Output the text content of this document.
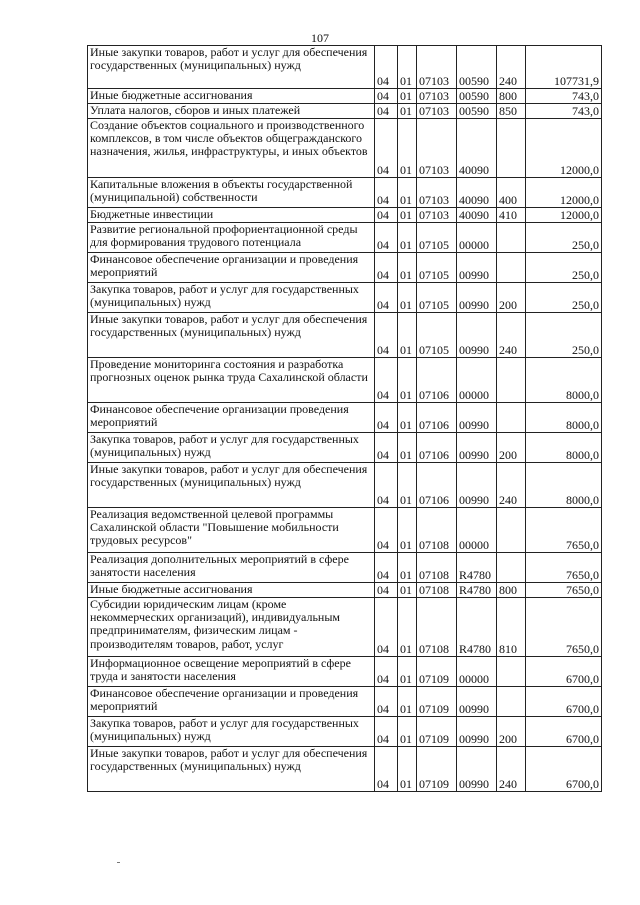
107
Иные закупки товаров, работ и услуг для обеспечения государственных (муниципальных) нужд	04	01	07103	00590	240	107731,9
Иные бюджетные ассигнования	04	01	07103	00590	800	743,0
Уплата налогов, сборов и иных платежей	04	01	07103	00590	850	743,0
Создание объектов социального и производственного комплексов, в том числе объектов общегражданского назначения, жилья, инфраструктуры, и иных объектов	04	01	07103	40090		12000,0
Капитальные вложения в объекты государственной (муниципальной) собственности	04	01	07103	40090	400	12000,0
Бюджетные инвестиции	04	01	07103	40090	410	12000,0
Развитие региональной профориентационной среды для формирования трудового потенциала	04	01	07105	00000		250,0
Финансовое обеспечение организации и проведения мероприятий	04	01	07105	00990		250,0
Закупка товаров, работ и услуг для государственных (муниципальных) нужд	04	01	07105	00990	200	250,0
Иные закупки товаров, работ и услуг для обеспечения государственных (муниципальных) нужд	04	01	07105	00990	240	250,0
Проведение мониторинга состояния и разработка прогнозных оценок рынка труда Сахалинской области	04	01	07106	00000		8000,0
Финансовое обеспечение организации проведения мероприятий	04	01	07106	00990		8000,0
Закупка товаров, работ и услуг для государственных (муниципальных) нужд	04	01	07106	00990	200	8000,0
Иные закупки товаров, работ и услуг для обеспечения государственных (муниципальных) нужд	04	01	07106	00990	240	8000,0
Реализация ведомственной целевой программы Сахалинской области "Повышение мобильности трудовых ресурсов"	04	01	07108	00000		7650,0
Реализация дополнительных мероприятий в сфере занятости населения	04	01	07108	R4780		7650,0
Иные бюджетные ассигнования	04	01	07108	R4780	800	7650,0
Субсидии юридическим лицам (кроме некоммерческих организаций), индивидуальным предпринимателям, физическим лицам - производителям товаров, работ, услуг	04	01	07108	R4780	810	7650,0
Информационное освещение мероприятий в сфере труда и занятости населения	04	01	07109	00000		6700,0
Финансовое обеспечение организации и проведения мероприятий	04	01	07109	00990		6700,0
Закупка товаров, работ и услуг для государственных (муниципальных) нужд	04	01	07109	00990	200	6700,0
Иные закупки товаров, работ и услуг для обеспечения государственных (муниципальных) нужд	04	01	07109	00990	240	6700,0
